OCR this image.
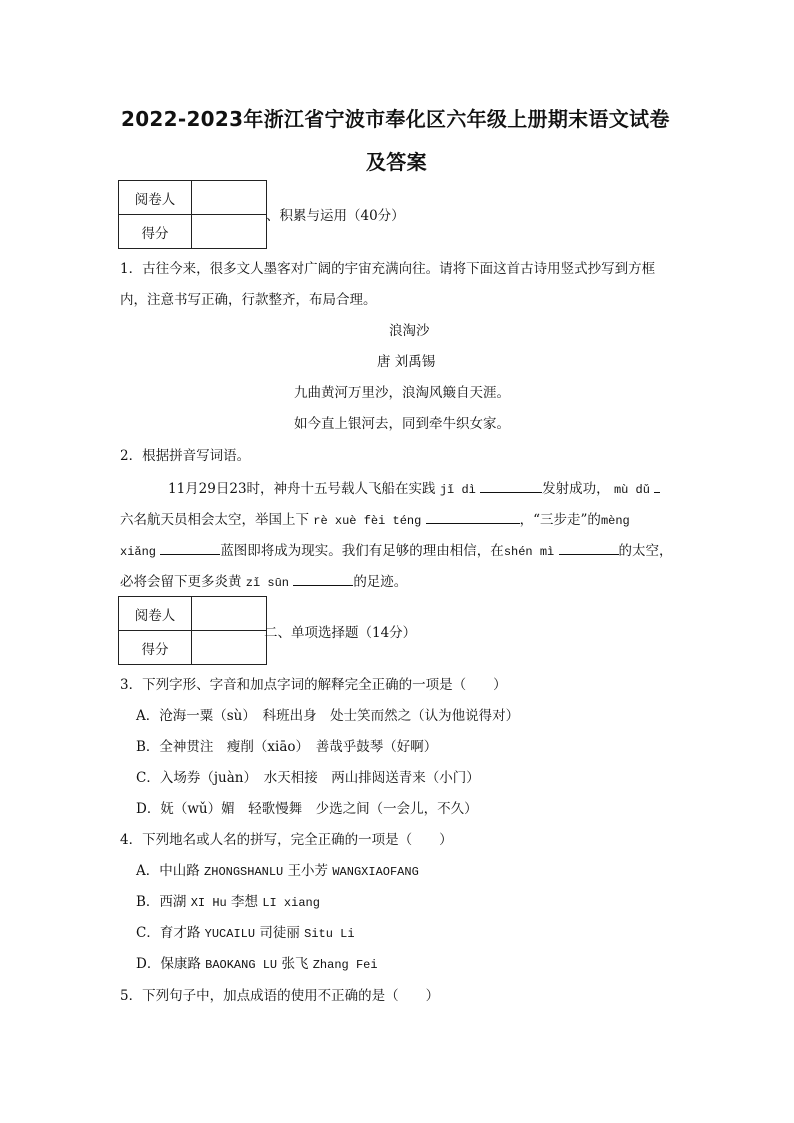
2022-2023年浙江省宁波市奉化区六年级上册期末语文试卷
及答案
阅卷人	
得分	
、积累与运用（40分）
1．古往今来，很多文人墨客对广阔的宇宙充满向往。请将下面这首古诗用竖式抄写到方框
内，注意书写正确，行款整齐，布局合理。
浪淘沙
唐 刘禹锡
九曲黄河万里沙，浪淘风簸自天涯。
如今直上银河去，同到牵牛织女家。
2．根据拼音写词语。
11月29日23时，神舟十五号载人飞船在实践 jǐ dì	发射成功， mù dǔ
六名航天员相会太空，举国上下 rè xuè fèi téng	，“三步走”的mèng
xiǎng	蓝图即将成为现实。我们有足够的理由相信，在shén mì	的太空，
必将会留下更多炎黄 zǐ sūn	的足迹。
阅卷人	
得分	
二、单项选择题（14分）
3．下列字形、字音和加点字词的解释完全正确的一项是（　　）
A．沧海一粟（sù）　科班出身　处士笑而然之（认为他说得对）
B．全神贯注　瘦削（xiāo）　善哉乎鼓琴（好啊）
C．入场券（juàn）　水天相接　两山排闼送青来（小门）
D．妩（wǔ）媚　轻歌慢舞　少选之间（一会儿，不久）
4．下列地名或人名的拼写，完全正确的一项是（　　）
A．中山路 ZHONGSHANLU 王小芳 WANGXIAOFANG
B．西湖 XI Hu 李想 LI xiang
C．育才路 YUCAILU 司徒丽 Situ Li
D．保康路 BAOKANG LU 张飞 Zhang Fei
5．下列句子中，加点成语的使用不正确的是（　　）
